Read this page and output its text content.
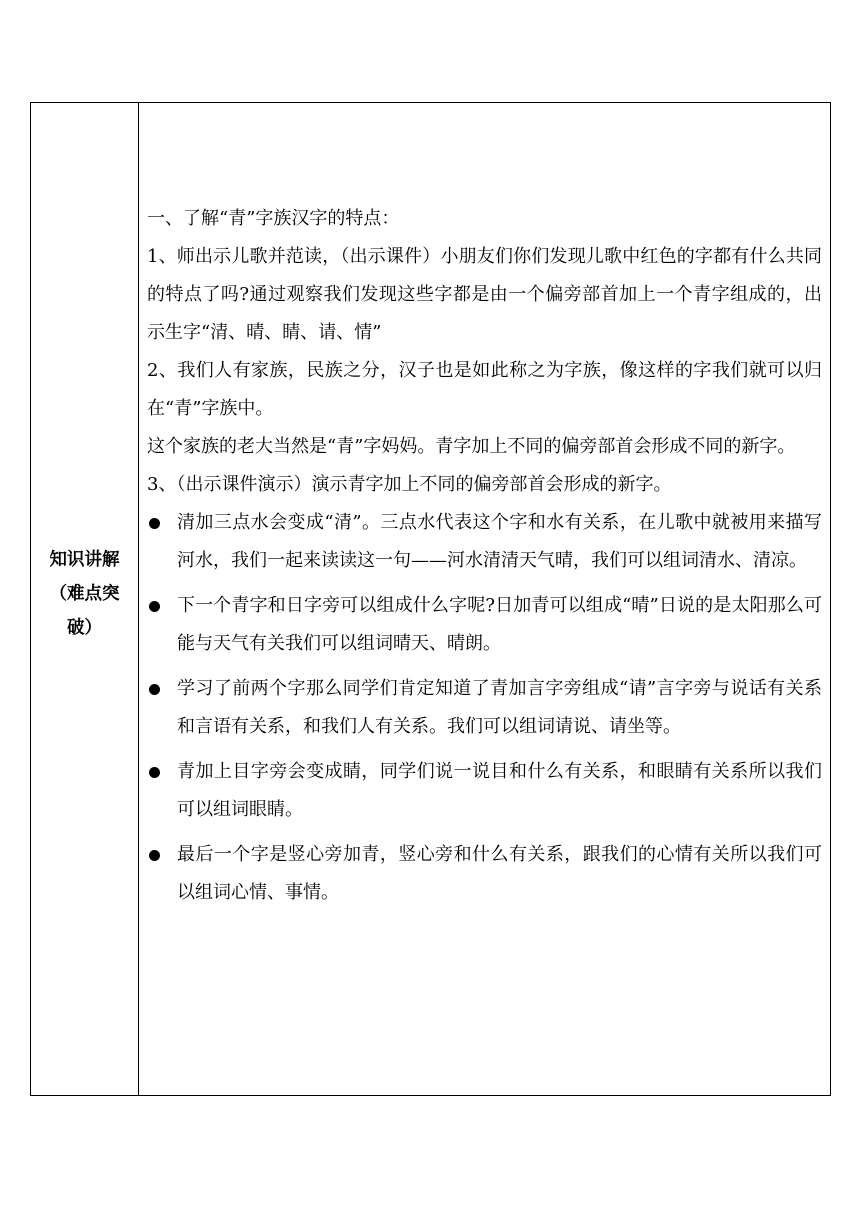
知识讲解
（难点突
破）

一、了解“青”字族汉字的特点：

1、师出示儿歌并范读，（出示课件）小朋友们你们发现儿歌中红色的字都有什么共同的特点了吗?通过观察我们发现这些字都是由一个偏旁部首加上一个青字组成的，出示生字“清、晴、睛、请、情”

2、我们人有家族，民族之分，汉子也是如此称之为字族，像这样的字我们就可以归在“青”字族中。

这个家族的老大当然是“青”字妈妈。青字加上不同的偏旁部首会形成不同的新字。

3、（出示课件演示）演示青字加上不同的偏旁部首会形成的新字。

清加三点水会变成“清”。三点水代表这个字和水有关系，在儿歌中就被用来描写河水，我们一起来读读这一句——河水清清天气晴，我们可以组词清水、清凉。
下一个青字和日字旁可以组成什么字呢?日加青可以组成“晴”日说的是太阳那么可能与天气有关我们可以组词晴天、晴朗。
学习了前两个字那么同学们肯定知道了青加言字旁组成“请”言字旁与说话有关系和言语有关系，和我们人有关系。我们可以组词请说、请坐等。
青加上目字旁会变成睛，同学们说一说目和什么有关系，和眼睛有关系所以我们可以组词眼睛。
最后一个字是竖心旁加青，竖心旁和什么有关系，跟我们的心情有关所以我们可以组词心情、事情。
